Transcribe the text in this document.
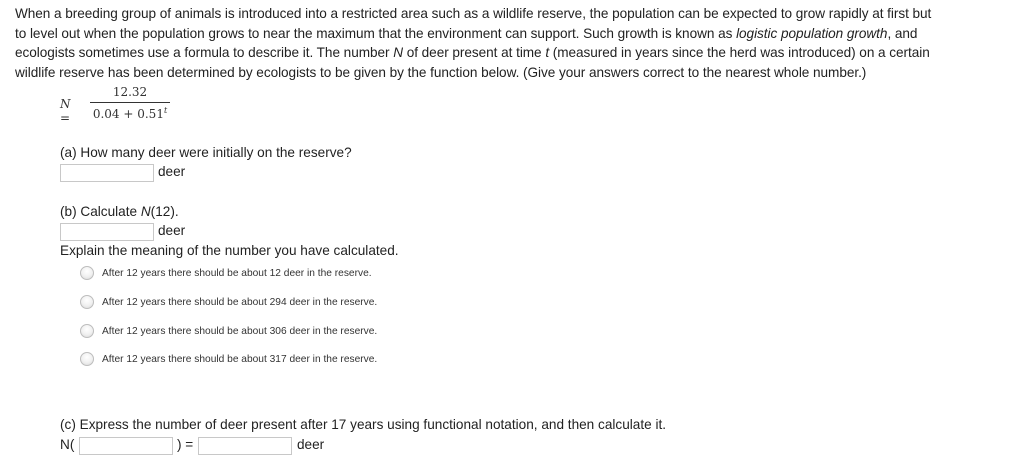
When a breeding group of animals is introduced into a restricted area such as a wildlife reserve, the population can be expected to grow rapidly at first but
to level out when the population grows to near the maximum that the environment can support. Such growth is known as logistic population growth, and
ecologists sometimes use a formula to describe it. The number N of deer present at time t (measured in years since the herd was introduced) on a certain
wildlife reserve has been determined by ecologists to be given by the function below. (Give your answers correct to the nearest whole number.)
N =
12.32
$0.04 + 0.51^t$
(a) How many deer were initially on the reserve?
deer
(b) Calculate N(12).
deer
Explain the meaning of the number you have calculated.
After 12 years there should be about 12 deer in the reserve.
After 12 years there should be about 294 deer in the reserve.
After 12 years there should be about 306 deer in the reserve.
After 12 years there should be about 317 deer in the reserve.
(c) Express the number of deer present after 17 years using functional notation, and then calculate it.
N(	) =	deer
